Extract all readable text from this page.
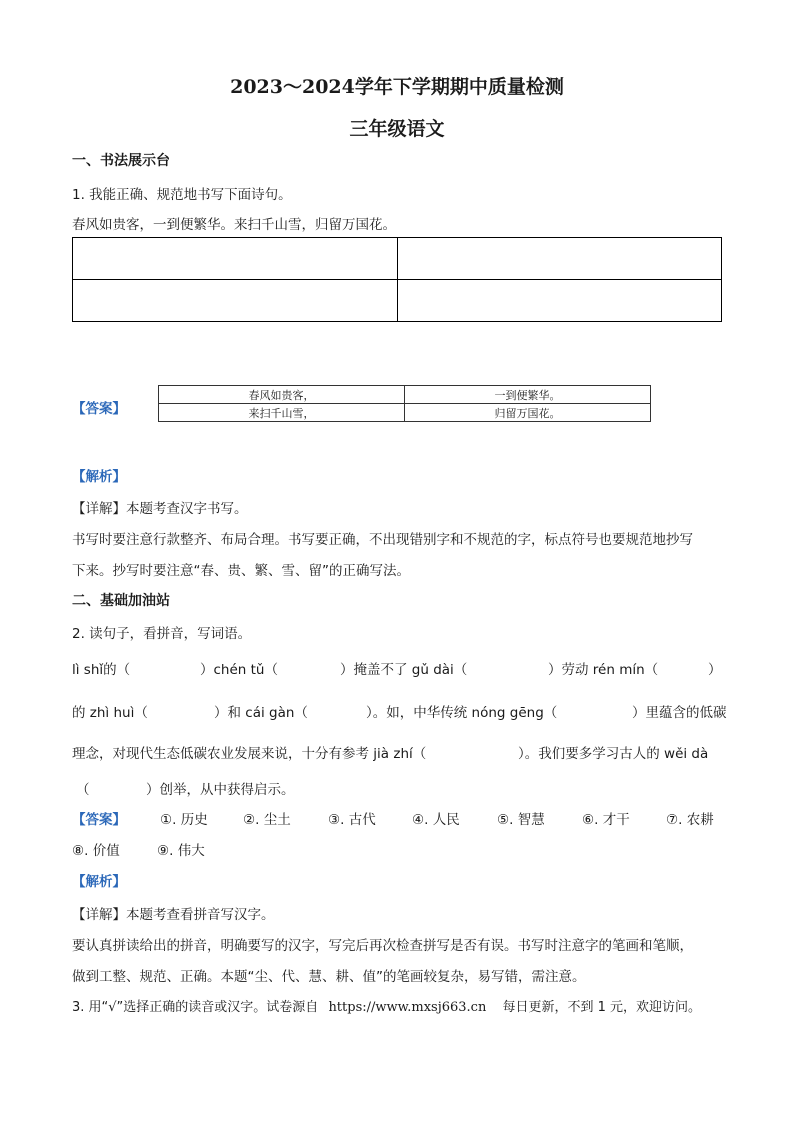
2023～2024学年下学期期中质量检测
三年级语文
一、书法展示台
1. 我能正确、规范地书写下面诗句。
春风如贵客，一到便繁华。来扫千山雪，归留万国花。

【答案】
春风如贵客，	一到便繁华。
来扫千山雪，	归留万国花。
【解析】
【详解】本题考查汉字书写。
书写时要注意行款整齐、布局合理。书写要正确，不出现错别字和不规范的字，标点符号也要规范地抄写
下来。抄写时要注意“春、贵、繁、雪、留”的正确写法。
二、基础加油站
2. 读句子，看拼音，写词语。
lì shǐ的（	）chén tǔ（	）掩盖不了 gǔ dài（	）劳动 rén mín（	）
的 zhì huì（	）和 cái gàn（	）。如，中华传统 nóng gēng（	）里蕴含的低碳
理念，对现代生态低碳农业发展来说，十分有参考 jià zhí（	）。我们要多学习古人的 wěi dà
（	）创举，从中获得启示。
【答案】	①. 历史	②. 尘土	③. 古代	④. 人民	⑤. 智慧	⑥. 才干	⑦. 农耕
⑧. 价值	⑨. 伟大
【解析】
【详解】本题考查看拼音写汉字。
要认真拼读给出的拼音，明确要写的汉字，写完后再次检查拼写是否有误。书写时注意字的笔画和笔顺，
做到工整、规范、正确。本题“尘、代、慧、耕、值”的笔画较复杂，易写错，需注意。
3. 用“√”选择正确的读音或汉字。试卷源自 https://www.mxsj663.cn 每日更新，不到 1 元，欢迎访问。
